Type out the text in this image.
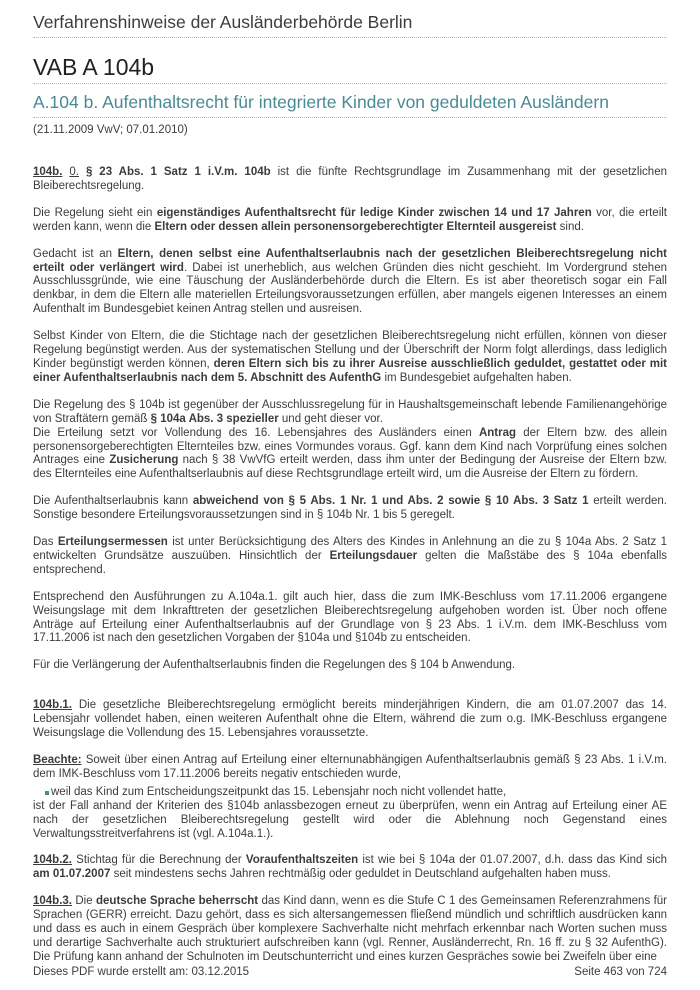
Verfahrenshinweise der Ausländerbehörde Berlin
VAB A 104b
A.104 b. Aufenthaltsrecht für integrierte Kinder von geduldeten Ausländern
(21.11.2009 VwV; 07.01.2010)

104b. 0. § 23 Abs. 1 Satz 1 i.V.m. 104b ist die fünfte Rechtsgrundlage im Zusammenhang mit der gesetzlichen Bleiberechtsregelung.

Die Regelung sieht ein eigenständiges Aufenthaltsrecht für ledige Kinder zwischen 14 und 17 Jahren vor, die erteilt werden kann, wenn die Eltern oder dessen allein personensorgeberechtigter Elternteil ausgereist sind.

Gedacht ist an Eltern, denen selbst eine Aufenthaltserlaubnis nach der gesetzlichen Bleiberechtsregelung nicht erteilt oder verlängert wird. Dabei ist unerheblich, aus welchen Gründen dies nicht geschieht. Im Vordergrund stehen Ausschlussgründe, wie eine Täuschung der Ausländerbehörde durch die Eltern. Es ist aber theoretisch sogar ein Fall denkbar, in dem die Eltern alle materiellen Erteilungsvoraussetzungen erfüllen, aber mangels eigenen Interesses an einem Aufenthalt im Bundesgebiet keinen Antrag stellen und ausreisen.

Selbst Kinder von Eltern, die die Stichtage nach der gesetzlichen Bleiberechtsregelung nicht erfüllen, können von dieser Regelung begünstigt werden. Aus der systematischen Stellung und der Überschrift der Norm folgt allerdings, dass lediglich Kinder begünstigt werden können, deren Eltern sich bis zu ihrer Ausreise ausschließlich geduldet, gestattet oder mit einer Aufenthaltserlaubnis nach dem 5. Abschnitt des AufenthG im Bundesgebiet aufgehalten haben.

Die Regelung des § 104b ist gegenüber der Ausschlussregelung für in Haushaltsgemeinschaft lebende Familienangehörige von Straftätern gemäß § 104a Abs. 3 spezieller und geht dieser vor.

Die Erteilung setzt vor Vollendung des 16. Lebensjahres des Ausländers einen Antrag der Eltern bzw. des allein personensorgeberechtigten Elternteiles bzw. eines Vormundes voraus. Ggf. kann dem Kind nach Vorprüfung eines solchen Antrages eine Zusicherung nach § 38 VwVfG erteilt werden, dass ihm unter der Bedingung der Ausreise der Eltern bzw. des Elternteiles eine Aufenthaltserlaubnis auf diese Rechtsgrundlage erteilt wird, um die Ausreise der Eltern zu fördern.

Die Aufenthaltserlaubnis kann abweichend von § 5 Abs. 1 Nr. 1 und Abs. 2 sowie § 10 Abs. 3 Satz 1 erteilt werden. Sonstige besondere Erteilungsvoraussetzungen sind in § 104b Nr. 1 bis 5 geregelt.

Das Erteilungsermessen ist unter Berücksichtigung des Alters des Kindes in Anlehnung an die zu § 104a Abs. 2 Satz 1 entwickelten Grundsätze auszuüben. Hinsichtlich der Erteilungsdauer gelten die Maßstäbe des § 104a ebenfalls entsprechend.

Entsprechend den Ausführungen zu A.104a.1. gilt auch hier, dass die zum IMK-Beschluss vom 17.11.2006 ergangene Weisungslage mit dem Inkrafttreten der gesetzlichen Bleiberechtsregelung aufgehoben worden ist. Über noch offene Anträge auf Erteilung einer Aufenthaltserlaubnis auf der Grundlage von § 23 Abs. 1 i.V.m. dem IMK-Beschluss vom 17.11.2006 ist nach den gesetzlichen Vorgaben der §104a und §104b zu entscheiden.

Für die Verlängerung der Aufenthaltserlaubnis finden die Regelungen des § 104 b Anwendung.

104b.1. Die gesetzliche Bleiberechtsregelung ermöglicht bereits minderjährigen Kindern, die am 01.07.2007 das 14. Lebensjahr vollendet haben, einen weiteren Aufenthalt ohne die Eltern, während die zum o.g. IMK-Beschluss ergangene Weisungslage die Vollendung des 15. Lebensjahres voraussetzte.

Beachte: Soweit über einen Antrag auf Erteilung einer elternunabhängigen Aufenthaltserlaubnis gemäß § 23 Abs. 1 i.V.m. dem IMK-Beschluss vom 17.11.2006 bereits negativ entschieden wurde,

weil das Kind zum Entscheidungszeitpunkt das 15. Lebensjahr noch nicht vollendet hatte,

ist der Fall anhand der Kriterien des §104b anlassbezogen erneut zu überprüfen, wenn ein Antrag auf Erteilung einer AE nach der gesetzlichen Bleiberechtsregelung gestellt wird oder die Ablehnung noch Gegenstand eines Verwaltungsstreitverfahrens ist (vgl. A.104a.1.).

104b.2. Stichtag für die Berechnung der Voraufenthaltszeiten ist wie bei § 104a der 01.07.2007, d.h. dass das Kind sich am 01.07.2007 seit mindestens sechs Jahren rechtmäßig oder geduldet in Deutschland aufgehalten haben muss.

104b.3. Die deutsche Sprache beherrscht das Kind dann, wenn es die Stufe C 1 des Gemeinsamen Referenzrahmens für Sprachen (GERR) erreicht. Dazu gehört, dass es sich altersangemessen fließend mündlich und schriftlich ausdrücken kann und dass es auch in einem Gespräch über komplexere Sachverhalte nicht mehrfach erkennbar nach Worten suchen muss und derartige Sachverhalte auch strukturiert aufschreiben kann (vgl. Renner, Ausländerrecht, Rn. 16 ff. zu § 32 AufenthG). Die Prüfung kann anhand der Schulnoten im Deutschunterricht und eines kurzen Gespräches sowie bei Zweifeln über eine

Dieses PDF wurde erstellt am: 03.12.2015	Seite 463 von 724
